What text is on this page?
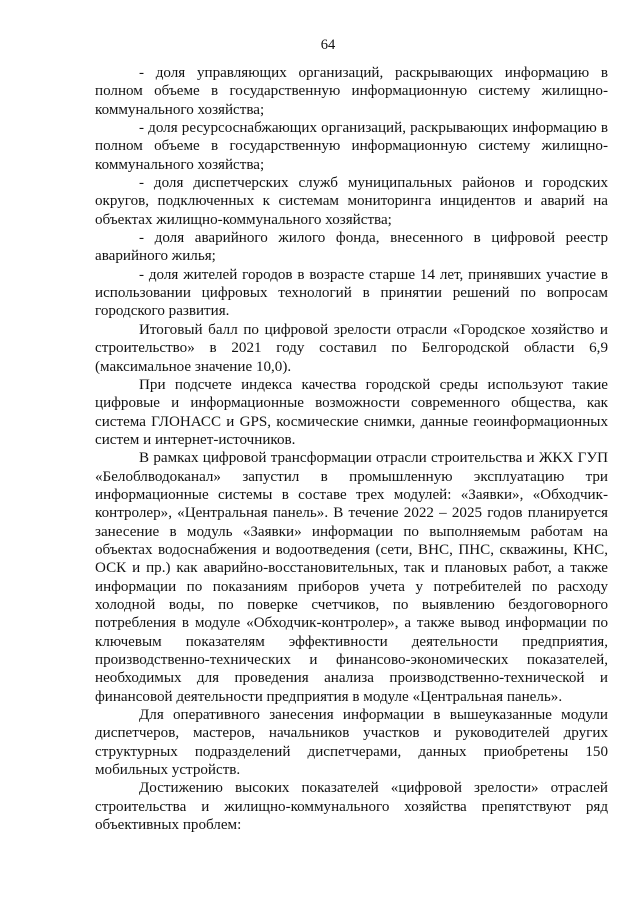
64

- доля управляющих организаций, раскрывающих информацию в полном объеме в государственную информационную систему жилищно-коммунального хозяйства;

- доля ресурсоснабжающих организаций, раскрывающих информацию в полном объеме в государственную информационную систему жилищно-коммунального хозяйства;

- доля диспетчерских служб муниципальных районов и городских округов, подключенных к системам мониторинга инцидентов и аварий на объектах жилищно-коммунального хозяйства;

- доля аварийного жилого фонда, внесенного в цифровой реестр аварийного жилья;

- доля жителей городов в возрасте старше 14 лет, принявших участие в использовании цифровых технологий в принятии решений по вопросам городского развития.

Итоговый балл по цифровой зрелости отрасли «Городское хозяйство и строительство» в 2021 году составил по Белгородской области 6,9 (максимальное значение 10,0).

При подсчете индекса качества городской среды используют такие цифровые и информационные возможности современного общества, как система ГЛОНАСС и GPS, космические снимки, данные геоинформационных систем и интернет-источников.

В рамках цифровой трансформации отрасли строительства и ЖКХ ГУП «Белоблводоканал» запустил в промышленную эксплуатацию три информационные системы в составе трех модулей: «Заявки», «Обходчик-контролер», «Центральная панель». В течение 2022 – 2025 годов планируется занесение в модуль «Заявки» информации по выполняемым работам на объектах водоснабжения и водоотведения (сети, ВНС, ПНС, скважины, КНС, ОСК и пр.) как аварийно-восстановительных, так и плановых работ, а также информации по показаниям приборов учета у потребителей по расходу холодной воды, по поверке счетчиков, по выявлению бездоговорного потребления в модуле «Обходчик-контролер», а также вывод информации по ключевым показателям эффективности деятельности предприятия, производственно-технических и финансово-экономических показателей, необходимых для проведения анализа производственно-технической и финансовой деятельности предприятия в модуле «Центральная панель».

Для оперативного занесения информации в вышеуказанные модули диспетчеров, мастеров, начальников участков и руководителей других структурных подразделений диспетчерами, данных приобретены 150 мобильных устройств.

Достижению высоких показателей «цифровой зрелости» отраслей строительства и жилищно-коммунального хозяйства препятствуют ряд объективных проблем:
